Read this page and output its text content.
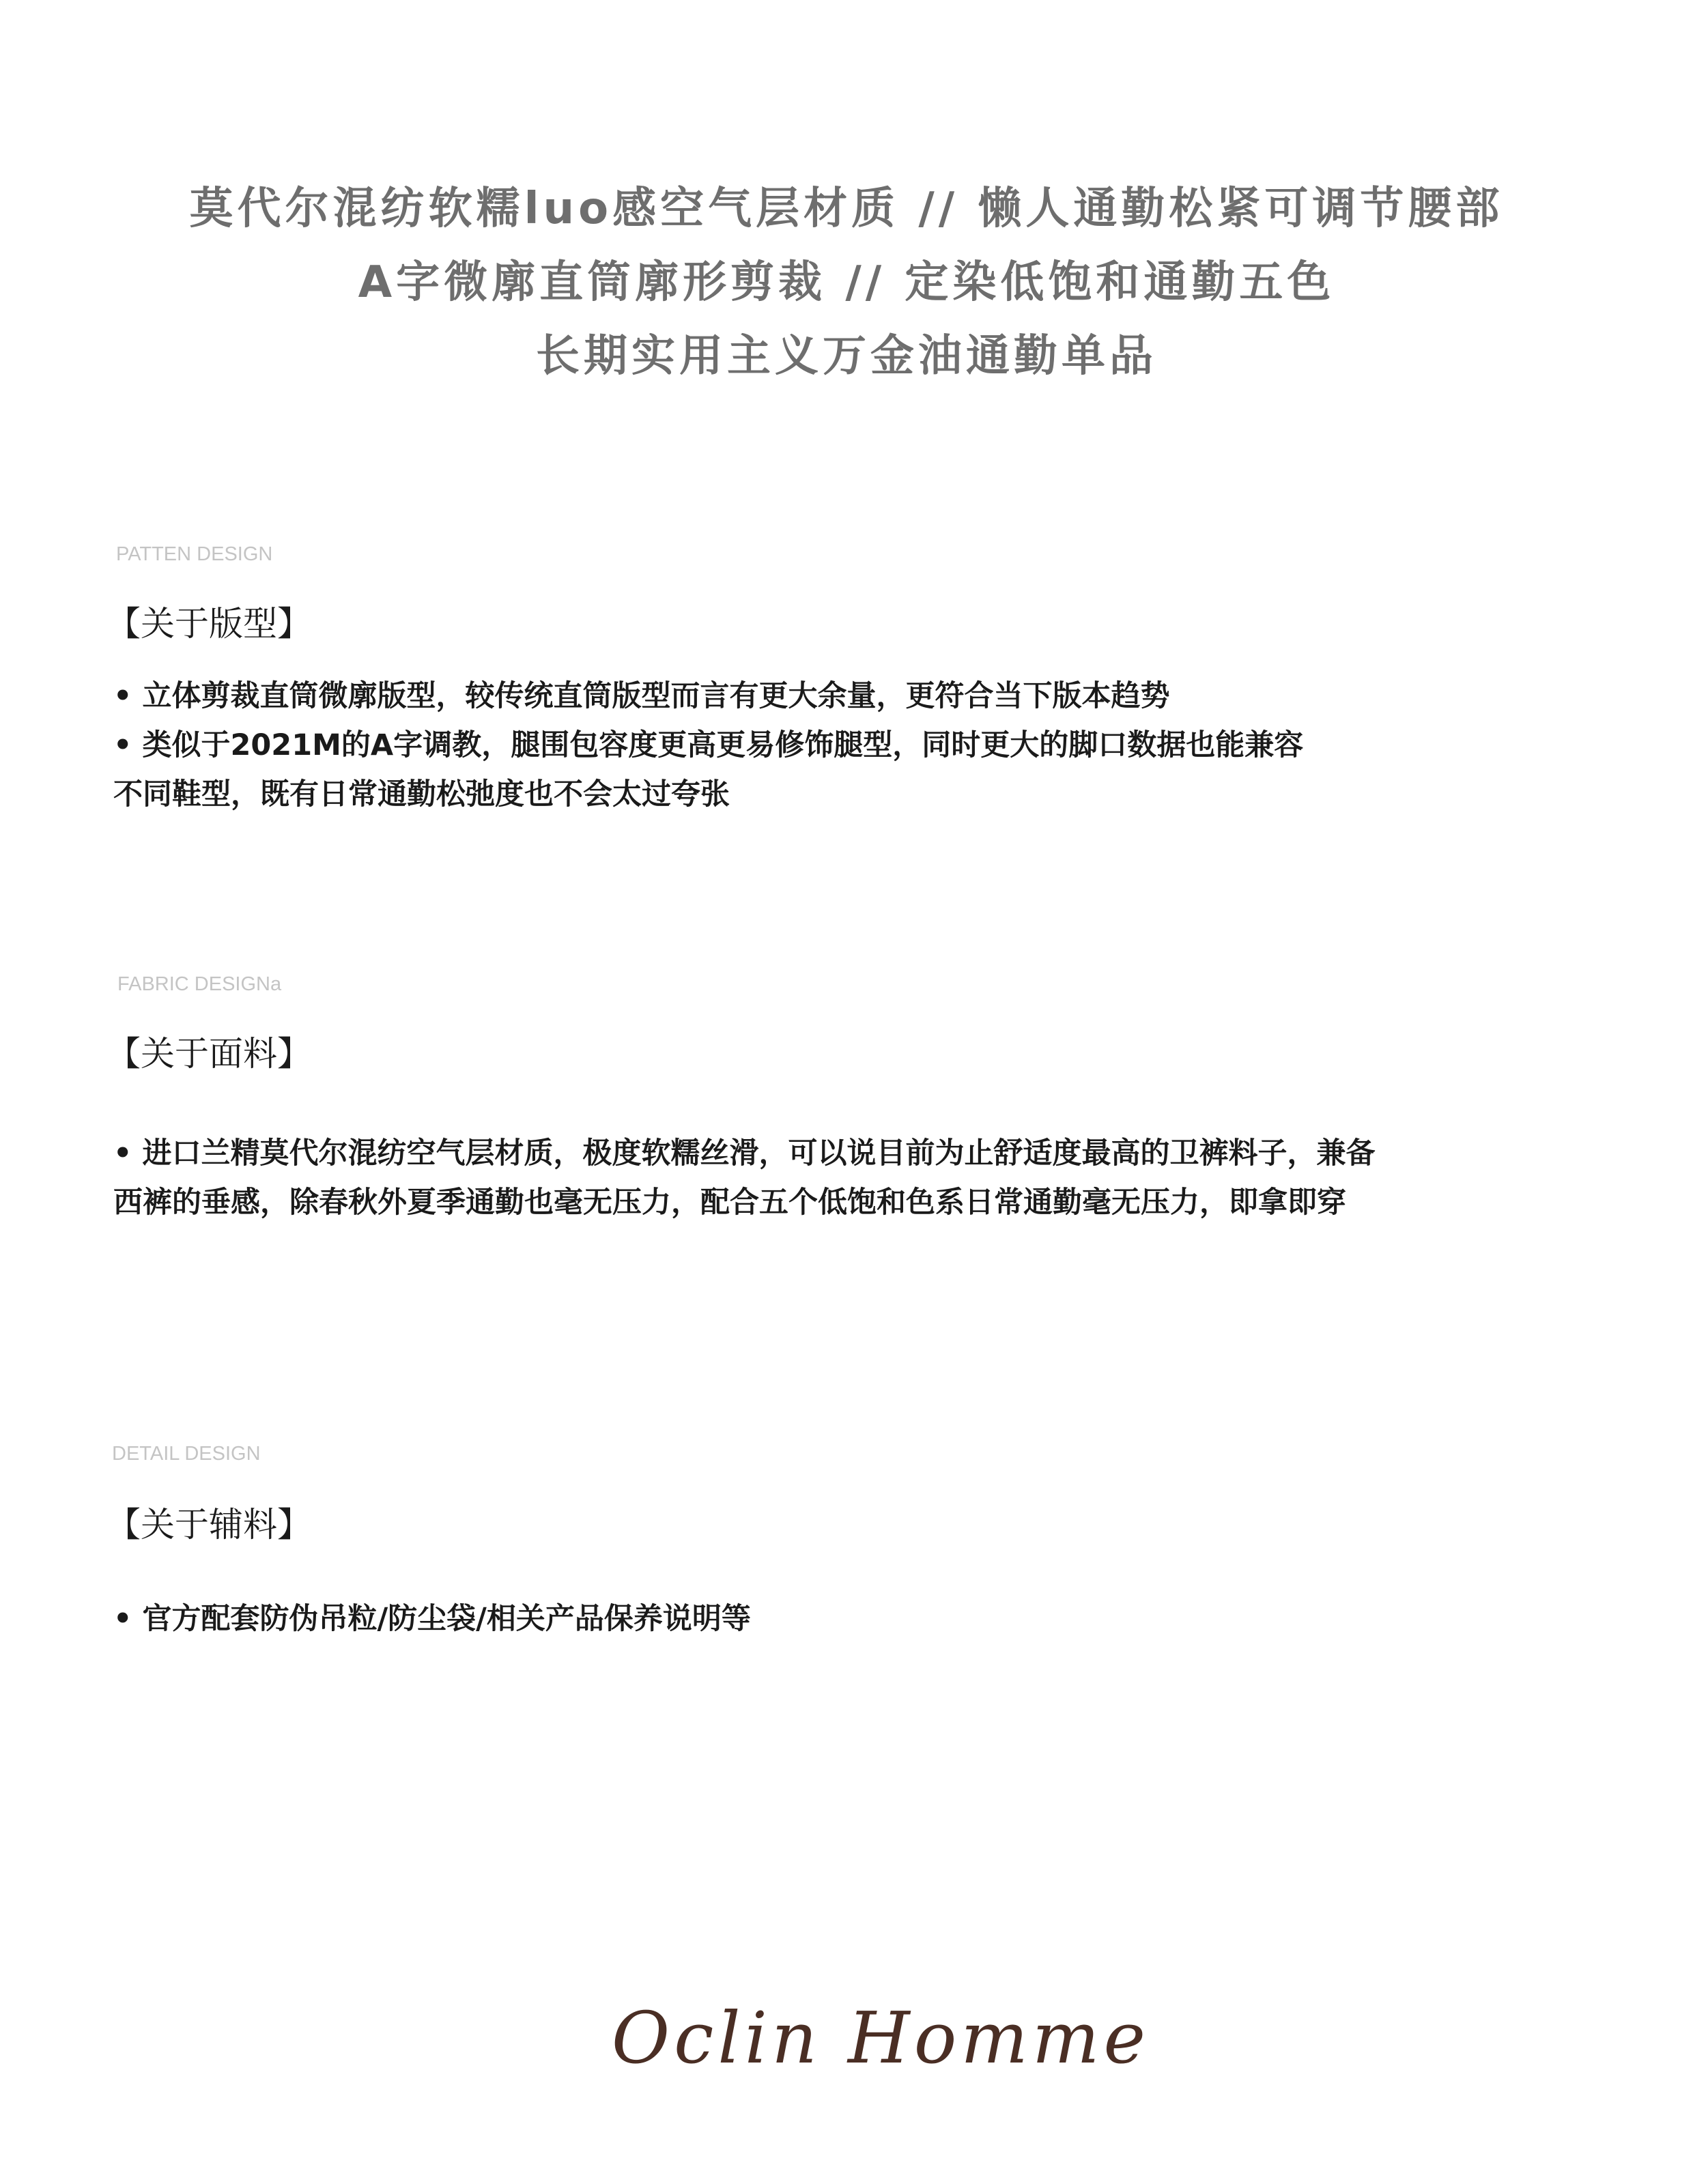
莫代尔混纺软糯luo感空气层材质 // 懒人通勤松紧可调节腰部
A字微廓直筒廓形剪裁 // 定染低饱和通勤五色
长期实用主义万金油通勤单品
PATTEN DESIGN
【关于版型】
• 立体剪裁直筒微廓版型，较传统直筒版型而言有更大余量，更符合当下版本趋势
• 类似于2021M的A字调教，腿围包容度更高更易修饰腿型，同时更大的脚口数据也能兼容
不同鞋型，既有日常通勤松弛度也不会太过夸张
FABRIC DESIGNa
【关于面料】
• 进口兰精莫代尔混纺空气层材质，极度软糯丝滑，可以说目前为止舒适度最高的卫裤料子，兼备
西裤的垂感，除春秋外夏季通勤也毫无压力，配合五个低饱和色系日常通勤毫无压力，即拿即穿
DETAIL DESIGN
【关于辅料】
• 官方配套防伪吊粒/防尘袋/相关产品保养说明等
Oclin Homme
